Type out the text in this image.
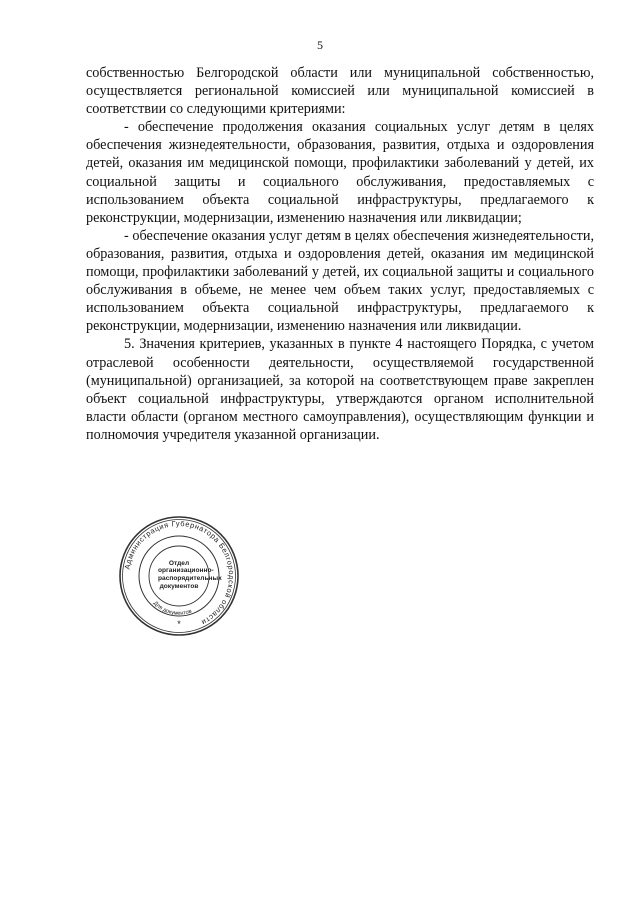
5

собственностью Белгородской области или муниципальной собственностью, осуществляется региональной комиссией или муниципальной комиссией в соответствии со следующими критериями:

- обеспечение продолжения оказания социальных услуг детям в целях обеспечения жизнедеятельности, образования, развития, отдыха и оздоровления детей, оказания им медицинской помощи, профилактики заболеваний у детей, их социальной защиты и социального обслуживания, предоставляемых с использованием объекта социальной инфраструктуры, предлагаемого к реконструкции, модернизации, изменению назначения или ликвидации;

- обеспечение оказания услуг детям в целях обеспечения жизнедеятельности, образования, развития, отдыха и оздоровления детей, оказания им медицинской помощи, профилактики заболеваний у детей, их социальной защиты и социального обслуживания в объеме, не менее чем объем таких услуг, предоставляемых с использованием объекта социальной инфраструктуры, предлагаемого к реконструкции, модернизации, изменению назначения или ликвидации.

5. Значения критериев, указанных в пункте 4 настоящего Порядка, с учетом отраслевой особенности деятельности, осуществляемой государственной (муниципальной) организацией, за которой на соответствующем праве закреплен объект социальной инфраструктуры, утверждаются органом исполнительной власти области (органом местного самоуправления), осуществляющим функции и полномочия учредителя указанной организации.

Администрация Губернатора Белгородской области
Для документов
*
Отдел
организационно-
распорядительных
документов
